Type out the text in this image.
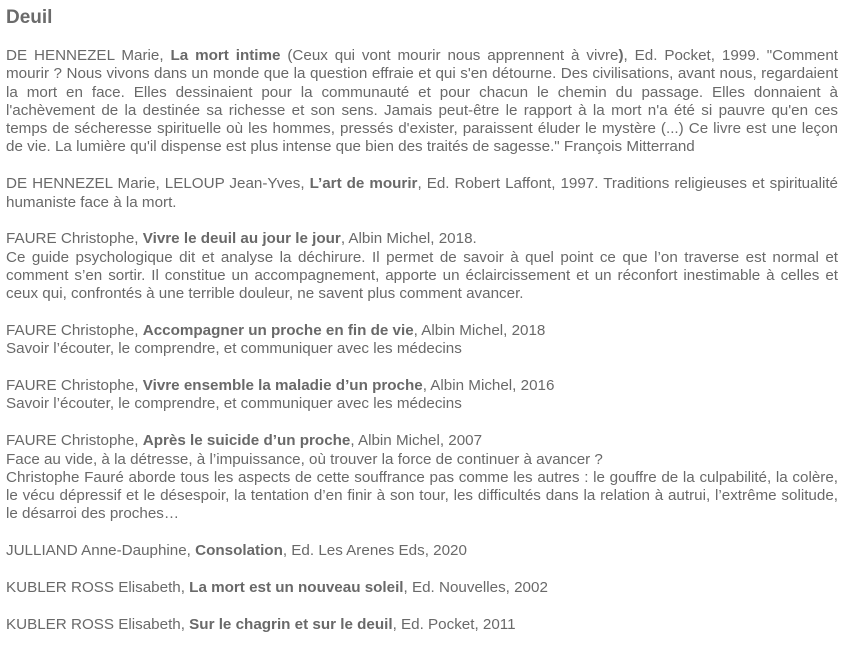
Deuil

DE HENNEZEL Marie, La mort intime (Ceux qui vont mourir nous apprennent à vivre), Ed. Pocket, 1999. "Comment mourir ? Nous vivons dans un monde que la question effraie et qui s'en détourne. Des civilisations, avant nous, regardaient la mort en face. Elles dessinaient pour la communauté et pour chacun le chemin du passage. Elles donnaient à l'achèvement de la destinée sa richesse et son sens. Jamais peut-être le rapport à la mort n'a été si pauvre qu'en ces temps de sécheresse spirituelle où les hommes, pressés d'exister, paraissent éluder le mystère (...) Ce livre est une leçon de vie. La lumière qu'il dispense est plus intense que bien des traités de sagesse." François Mitterrand

DE HENNEZEL Marie, LELOUP Jean-Yves, L’art de mourir, Ed. Robert Laffont, 1997. Traditions religieuses et spiritualité humaniste face à la mort.

FAURE Christophe, Vivre le deuil au jour le jour, Albin Michel, 2018.

Ce guide psychologique dit et analyse la déchirure. Il permet de savoir à quel point ce que l’on traverse est normal et comment s’en sortir. Il constitue un accompagnement, apporte un éclaircissement et un réconfort inestimable à celles et ceux qui, confrontés à une terrible douleur, ne savent plus comment avancer.

FAURE Christophe, Accompagner un proche en fin de vie, Albin Michel, 2018

Savoir l’écouter, le comprendre, et communiquer avec les médecins

FAURE Christophe, Vivre ensemble la maladie d’un proche, Albin Michel, 2016

Savoir l’écouter, le comprendre, et communiquer avec les médecins

FAURE Christophe, Après le suicide d’un proche, Albin Michel, 2007

Face au vide, à la détresse, à l’impuissance, où trouver la force de continuer à avancer ?

Christophe Fauré aborde tous les aspects de cette souffrance pas comme les autres : le gouffre de la culpabilité, la colère, le vécu dépressif et le désespoir, la tentation d’en finir à son tour, les difficultés dans la relation à autrui, l’extrême solitude, le désarroi des proches…

JULLIAND Anne-Dauphine, Consolation, Ed. Les Arenes Eds, 2020

KUBLER ROSS Elisabeth, La mort est un nouveau soleil, Ed. Nouvelles, 2002

KUBLER ROSS Elisabeth, Sur le chagrin et sur le deuil, Ed. Pocket, 2011
